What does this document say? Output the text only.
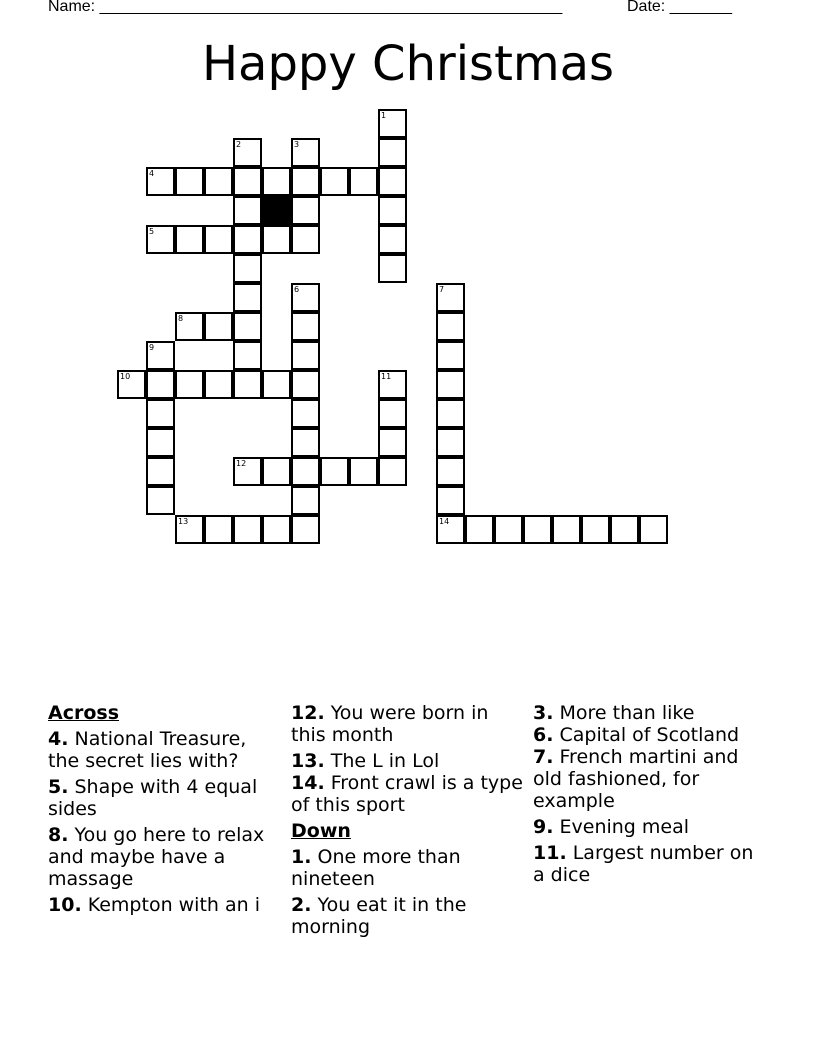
Name: ____________________________________________________	Date: _______
Happy Christmas
1
2	3
4
5
6	7
14
8
9
10	11
12
13
Across
4. National Treasure, the secret lies with?
5. Shape with 4 equal sides
8. You go here to relax and maybe have a massage
10. Kempton with an i
12. You were born in this month
13. The L in Lol
14. Front crawl is a type of this sport
Down
1. One more than nineteen
2. You eat it in the morning
3. More than like
6. Capital of Scotland
7. French martini and old fashioned, for example
9. Evening meal
11. Largest number on a dice
